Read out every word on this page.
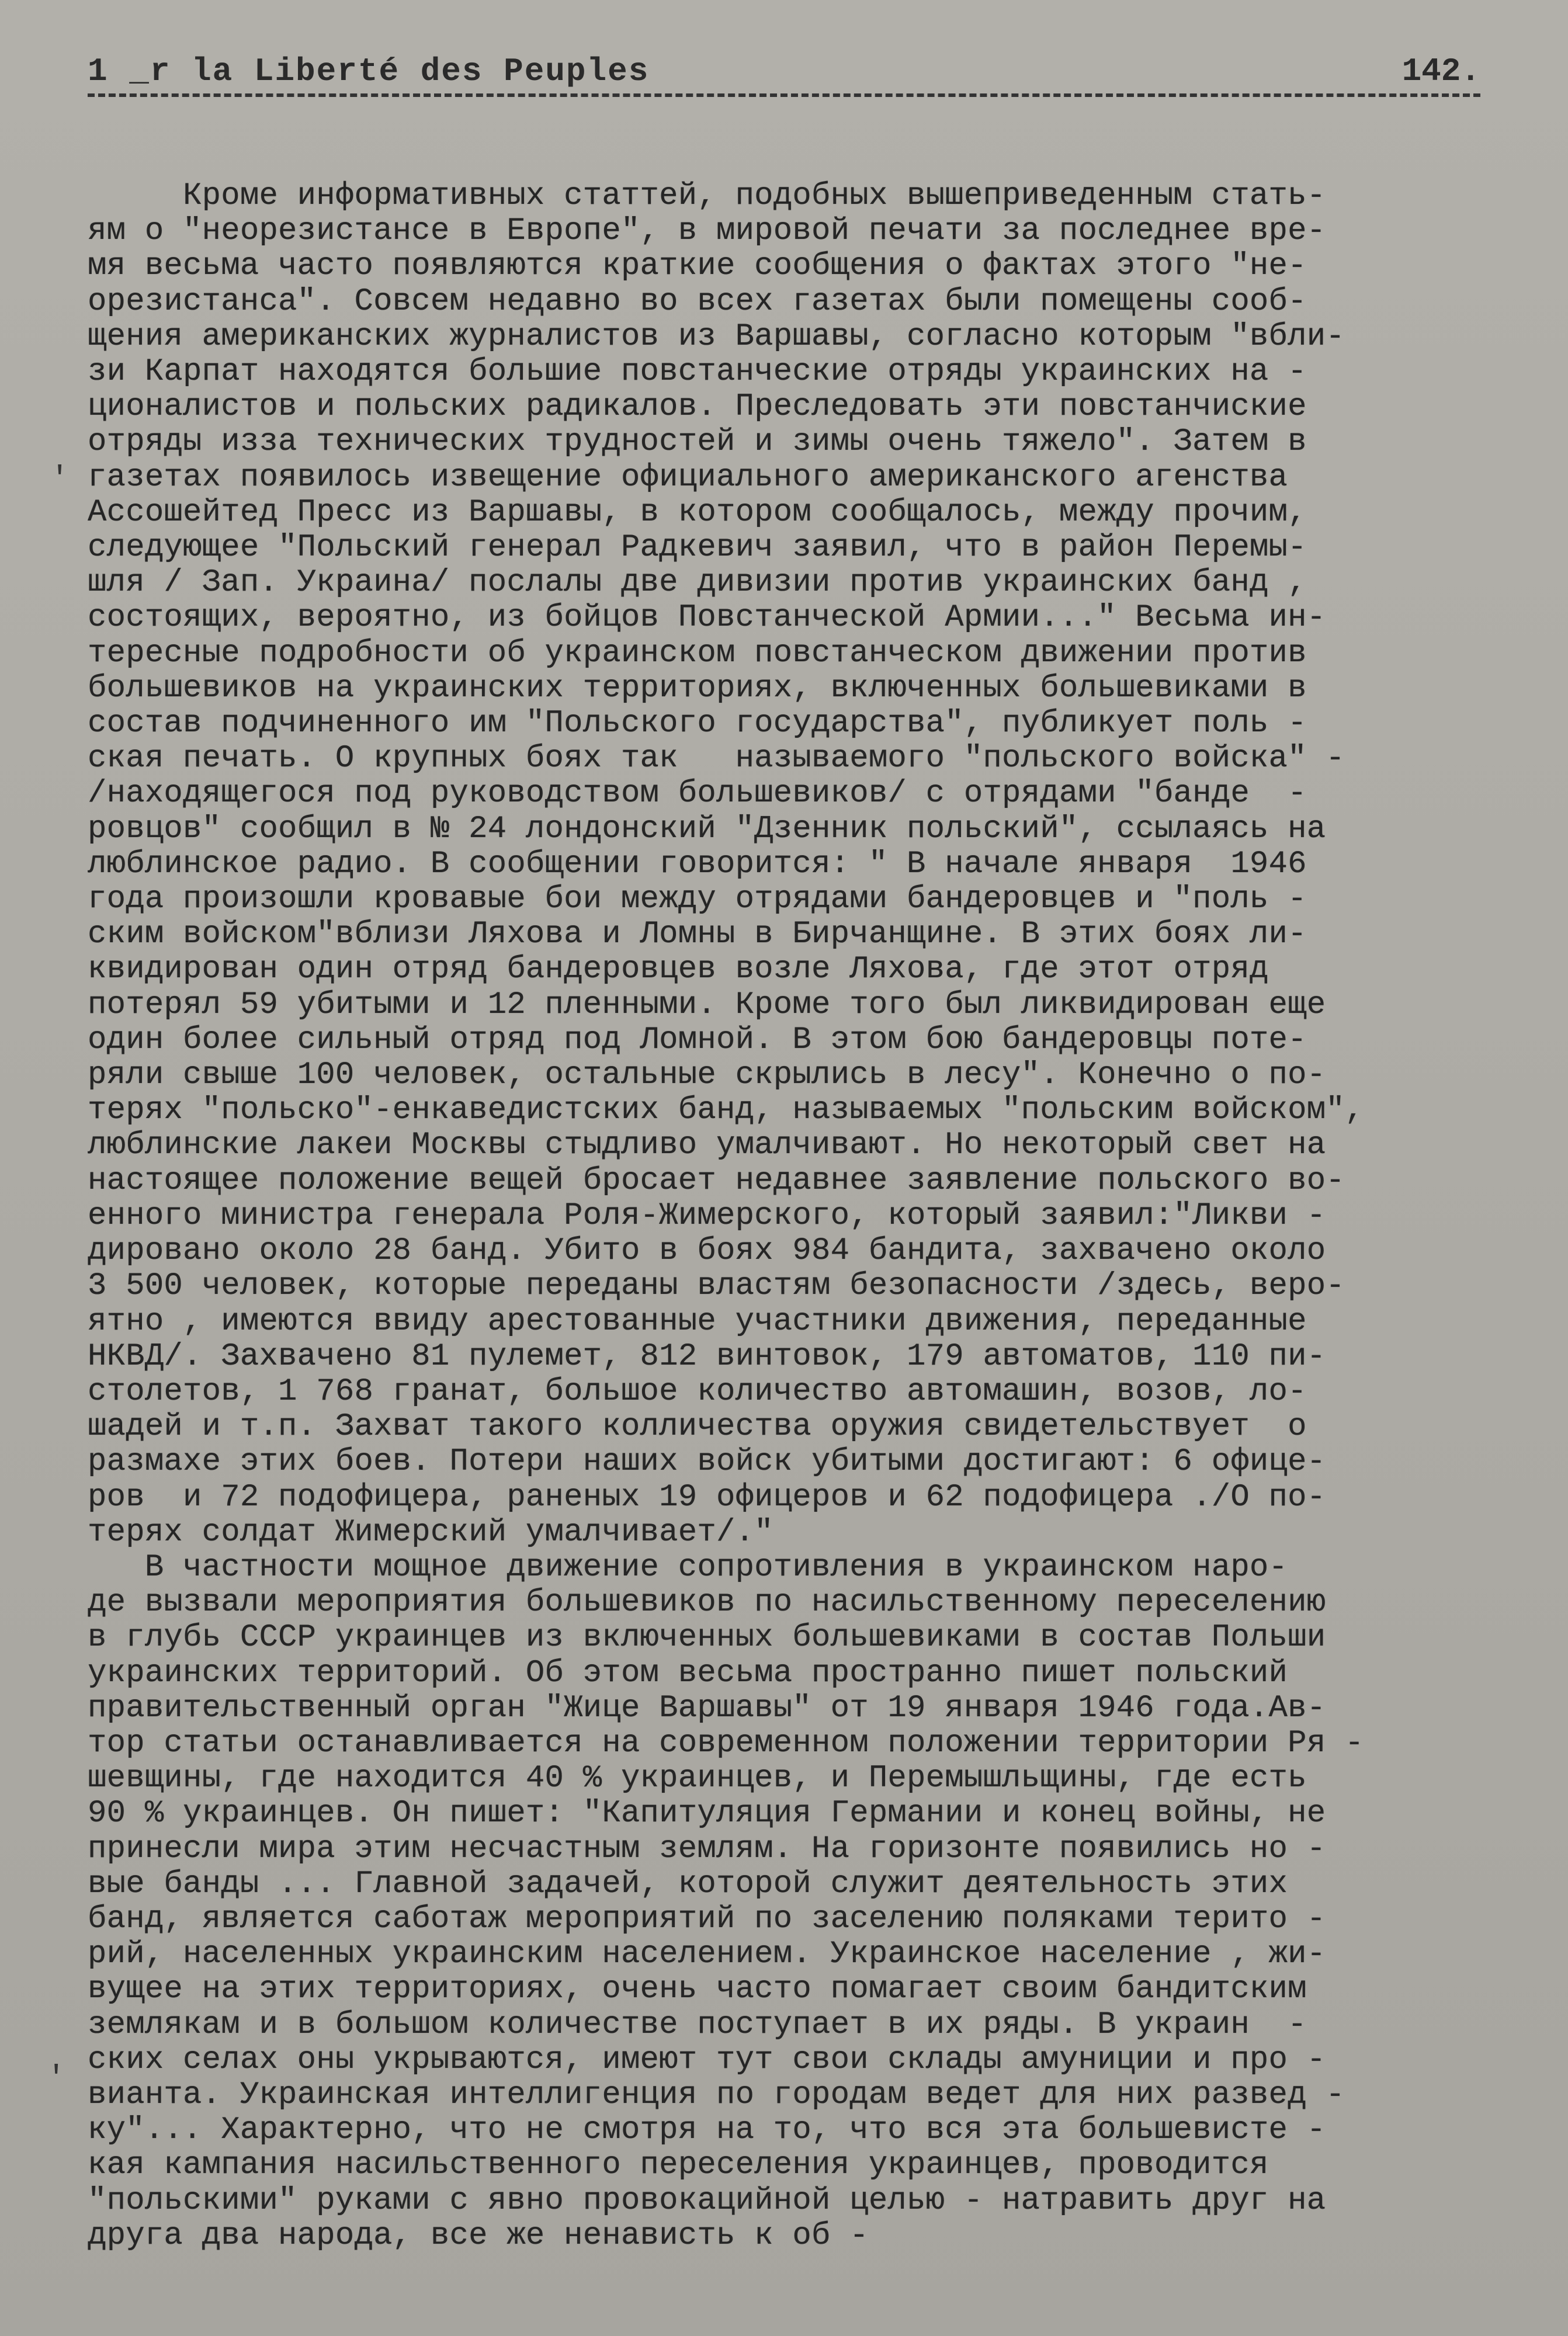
1 _r la Liberté des Peuples	142.
Кроме информативных статтей, подобных вышеприведенным стать-
ям о "неорезистансе в Европе", в мировой печати за последнее вре-
мя весьма часто появляются краткие сообщения о фактах этого "не-
орезистанса". Совсем недавно во всех газетах были помещены сооб-
щения американских журналистов из Варшавы, согласно которым "вбли-
зи Карпат находятся большие повстанческие отряды украинских на -
ционалистов и польских радикалов. Преследовать эти повстанчиские
отряды изза технических трудностей и зимы очень тяжело". Затем в
газетах появилось извещение официального американского агенства
Ассошейтед Пресс из Варшавы, в котором сообщалось, между прочим,
следующее "Польский генерал Радкевич заявил, что в район Перемы-
шля / Зап. Украина/ послалы две дивизии против украинских банд ,
состоящих, вероятно, из бойцов Повстанческой Армии..." Весьма ин-
тересные подробности об украинском повстанческом движении против
большевиков на украинских территориях, включенных большевиками в
состав подчиненного им "Польского государства", публикует поль -
ская печать. О крупных боях так   называемого "польского войска" -
/находящегося под руководством большевиков/ с отрядами "банде  -
ровцов" сообщил в № 24 лондонский "Дзенник польский", ссылаясь на
люблинское радио. В сообщении говорится: " В начале января  1946
года произошли кровавые бои между отрядами бандеровцев и "поль -
ским войском"вблизи Ляхова и Ломны в Бирчанщине. В этих боях ли-
квидирован один отряд бандеровцев возле Ляхова, где этот отряд
потерял 59 убитыми и 12 пленными. Кроме того был ликвидирован еще
один более сильный отряд под Ломной. В этом бою бандеровцы поте-
ряли свыше 100 человек, остальные скрылись в лесу". Конечно о по-
терях "польско"-енкаведистских банд, называемых "польским войском",
люблинские лакеи Москвы стыдливо умалчивают. Но некоторый свет на
настоящее положение вещей бросает недавнее заявление польского во-
енного министра генерала Роля-Жимерского, который заявил:"Ликви -
дировано около 28 банд. Убито в боях 984 бандита, захвачено около
3 500 человек, которые переданы властям безопасности /здесь, веро-
ятно , имеются ввиду арестованные участники движения, переданные
НКВД/. Захвачено 81 пулемет, 812 винтовок, 179 автоматов, 110 пи-
столетов, 1 768 гранат, большое количество автомашин, возов, ло-
шадей и т.п. Захват такого колличества оружия свидетельствует  о
размахе этих боев. Потери наших войск убитыми достигают: 6 офице-
ров  и 72 подофицера, раненых 19 офицеров и 62 подофицера ./О по-
терях солдат Жимерский умалчивает/."
В частности мощное движение сопротивления в украинском наро-
де вызвали мероприятия большевиков по насильственному переселению
в глубь СССР украинцев из включенных большевиками в состав Польши
украинских территорий. Об этом весьма пространно пишет польский
правительственный орган "Жице Варшавы" от 19 января 1946 года.Ав-
тор статьи останавливается на современном положении территории Ря -
шевщины, где находится 40 % украинцев, и Перемышльщины, где есть
90 % украинцев. Он пишет: "Капитуляция Германии и конец войны, не
принесли мира этим несчастным землям. На горизонте появились но -
вые банды ... Главной задачей, которой служит деятельность этих
банд, является саботаж мероприятий по заселению поляками терито -
рий, населенных украинским населением. Украинское население , жи-
вущее на этих территориях, очень часто помагает своим бандитским
землякам и в большом количестве поступает в их ряды. В украин  -
ских селах оны укрываются, имеют тут свои склады амуниции и про -
вианта. Украинская интеллигенция по городам ведет для них развед -
ку"... Характерно, что не смотря на то, что вся эта большевисте -
кая кампания насильственного переселения украинцев, проводится
"польскими" руками с явно провокацийной целью - натравить друг на
друга два народа, все же ненависть к об -
'
'
